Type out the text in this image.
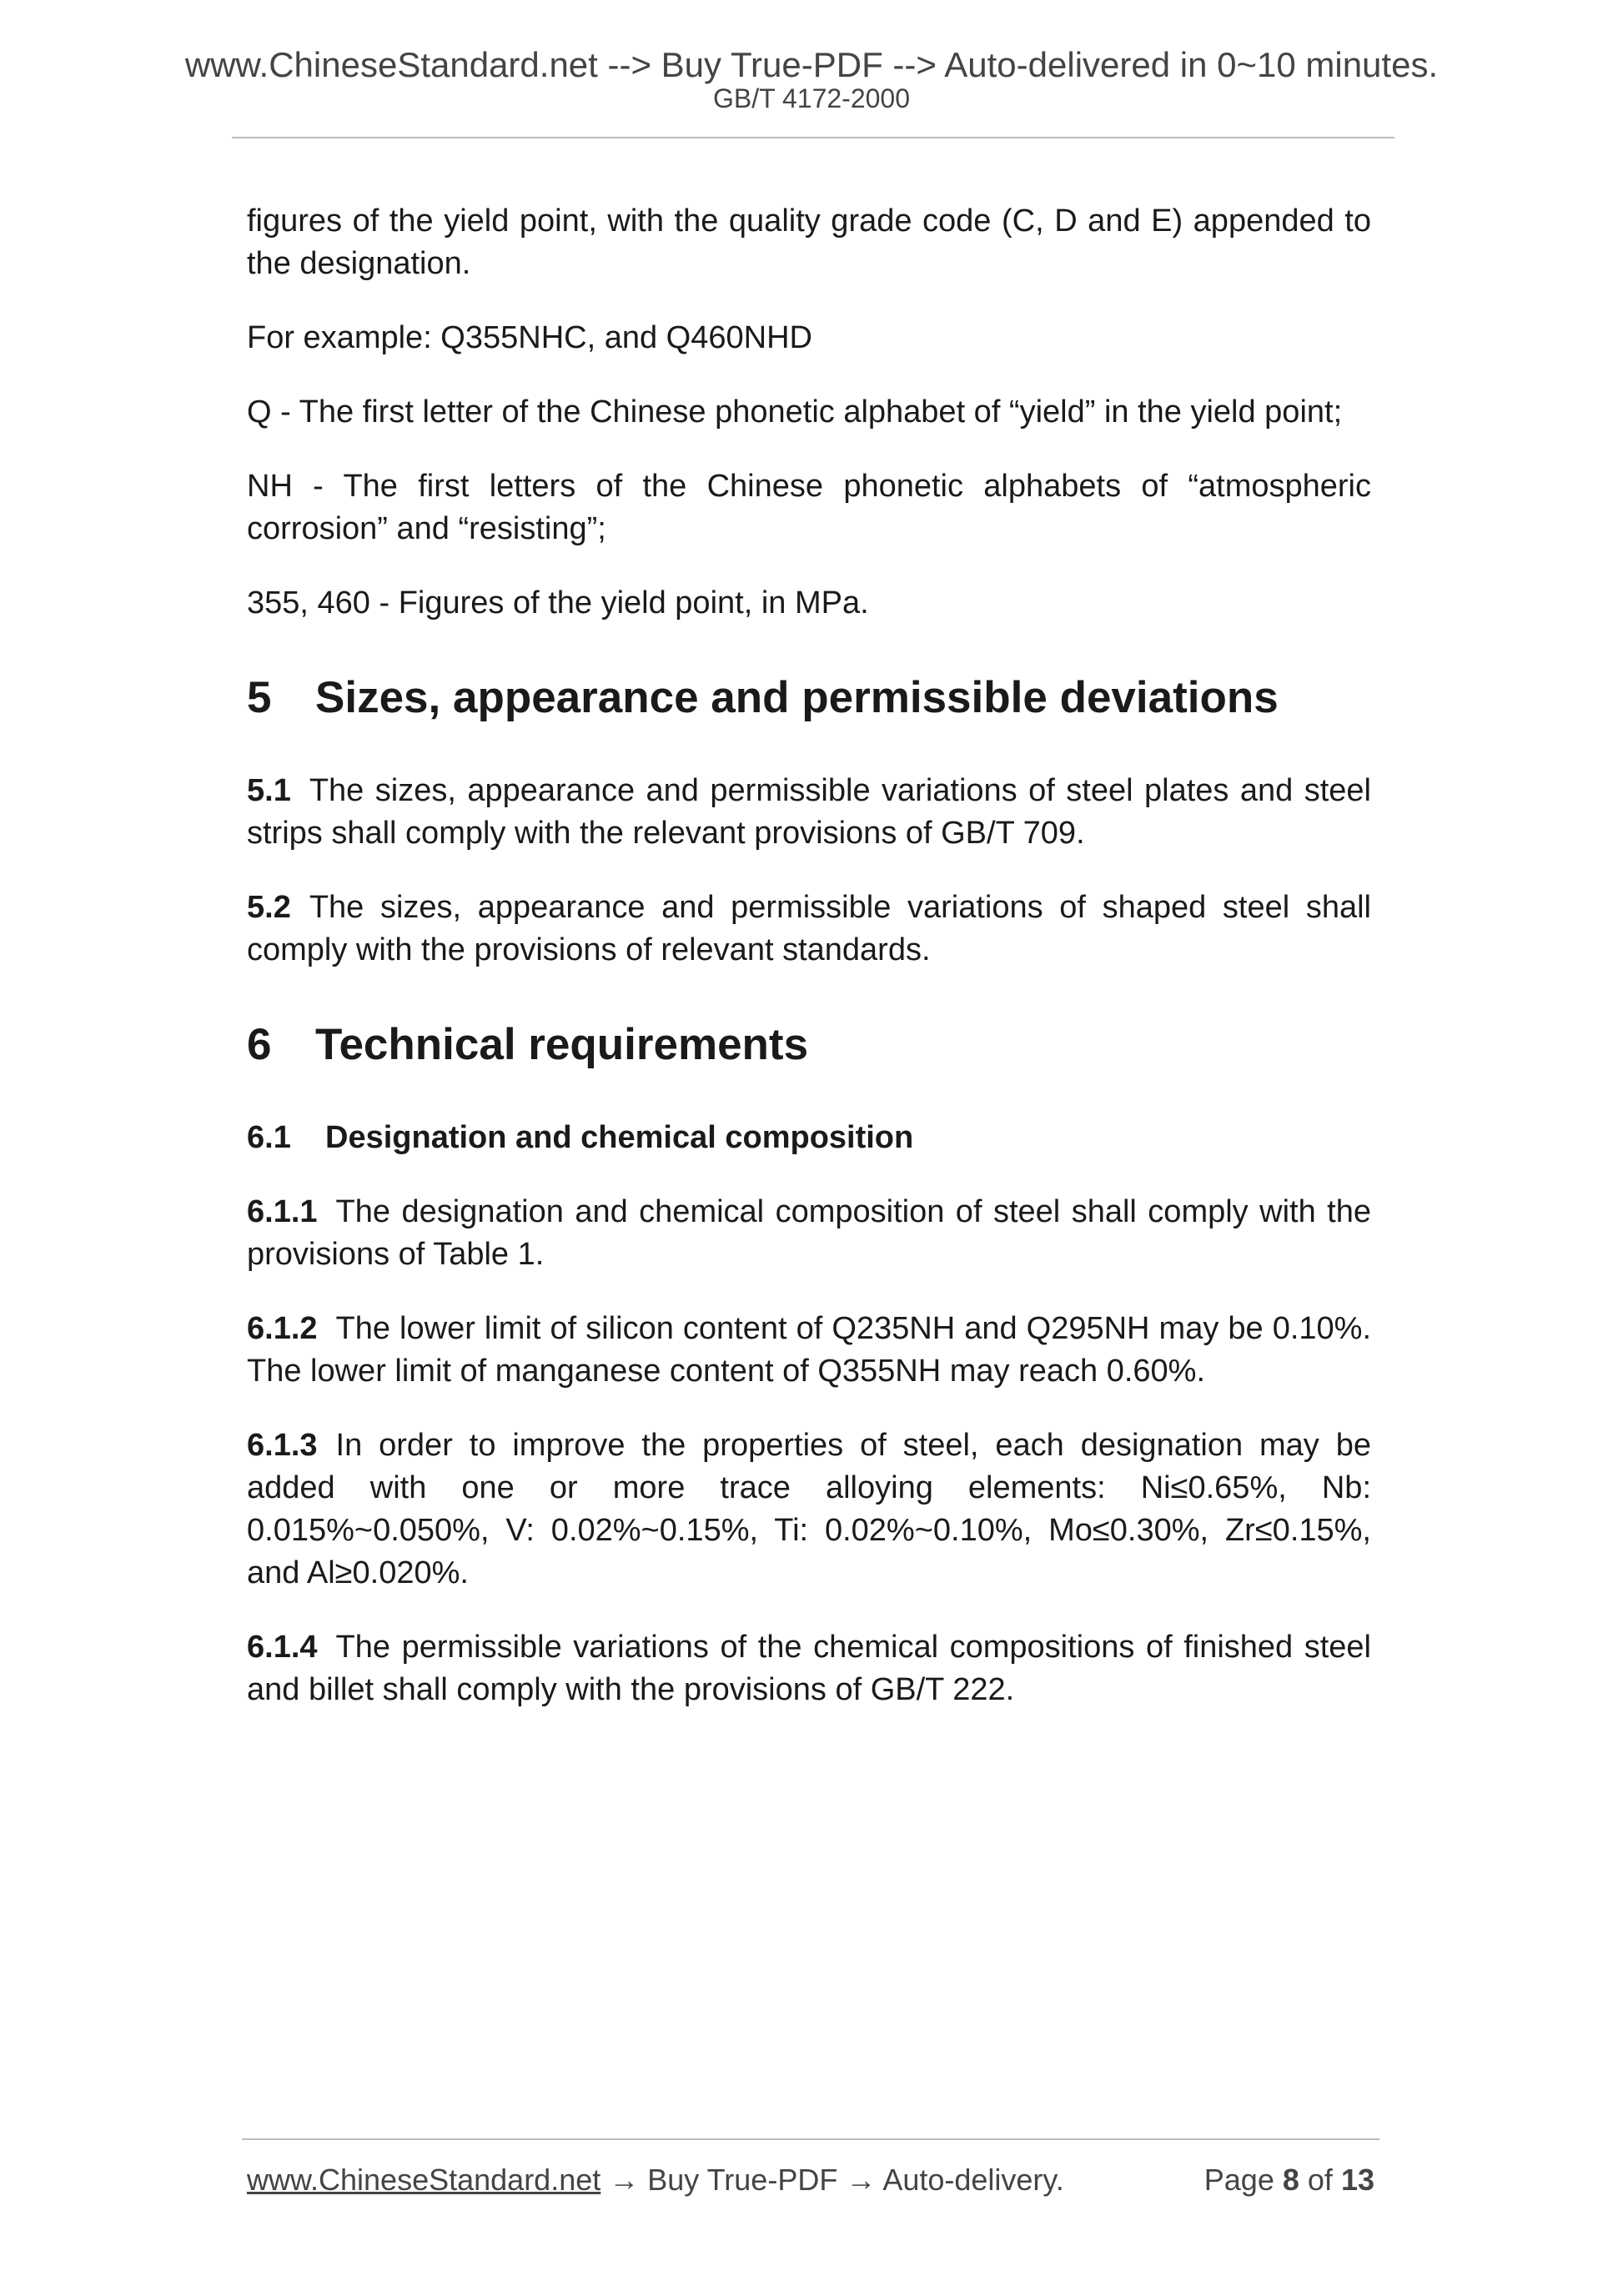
www.ChineseStandard.net --> Buy True-PDF --> Auto-delivered in 0~10 minutes.
GB/T 4172-2000

figures of the yield point, with the quality grade code (C, D and E) appended to the designation.

For example: Q355NHC, and Q460NHD

Q - The first letter of the Chinese phonetic alphabet of “yield” in the yield point;

NH - The first letters of the Chinese phonetic alphabets of “atmospheric corrosion” and “resisting”;

355, 460 - Figures of the yield point, in MPa.

5 Sizes, appearance and permissible deviations

5.1 The sizes, appearance and permissible variations of steel plates and steel strips shall comply with the relevant provisions of GB/T 709.

5.2 The sizes, appearance and permissible variations of shaped steel shall comply with the provisions of relevant standards.

6 Technical requirements
6.1 Designation and chemical composition

6.1.1 The designation and chemical composition of steel shall comply with the provisions of Table 1.

6.1.2 The lower limit of silicon content of Q235NH and Q295NH may be 0.10%. The lower limit of manganese content of Q355NH may reach 0.60%.

6.1.3 In order to improve the properties of steel, each designation may be added with one or more trace alloying elements: Ni≤0.65%, Nb: 0.015%~0.050%, V: 0.02%~0.15%, Ti: 0.02%~0.10%, Mo≤0.30%, Zr≤0.15%, and Al≥0.020%.

6.1.4 The permissible variations of the chemical compositions of finished steel and billet shall comply with the provisions of GB/T 222.

www.ChineseStandard.net → Buy True-PDF → Auto-delivery.	Page 8 of 13
